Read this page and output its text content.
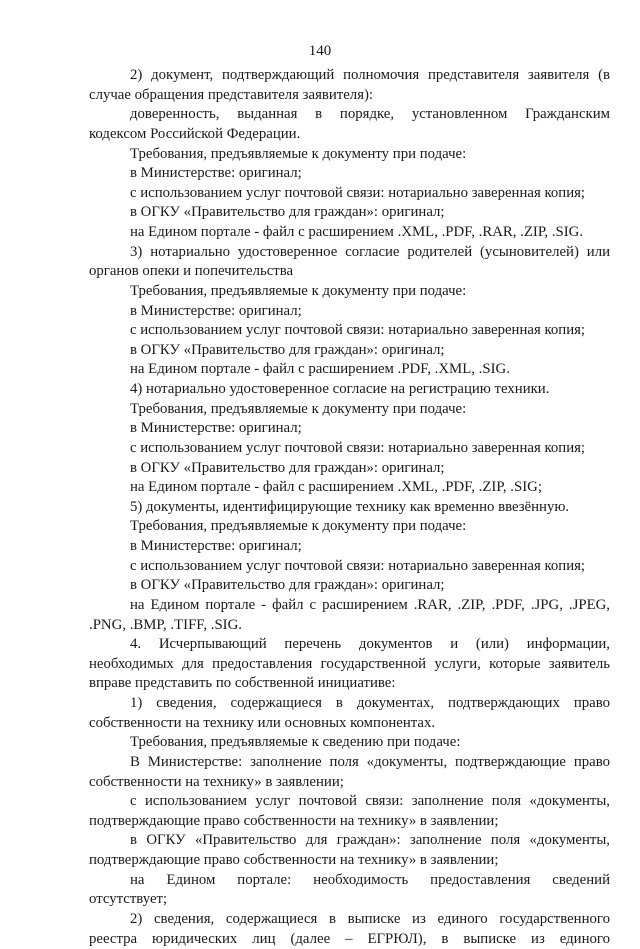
140
2) документ, подтверждающий полномочия представителя заявителя (в
случае обращения представителя заявителя):
доверенность, выданная в порядке, установленном Гражданским
кодексом Российской Федерации.
Требования, предъявляемые к документу при подаче:
в Министерстве: оригинал;
с использованием услуг почтовой связи: нотариально заверенная копия;
в ОГКУ «Правительство для граждан»: оригинал;
на Едином портале - файл с расширением .XML, .PDF, .RAR, .ZIP, .SIG.
3) нотариально удостоверенное согласие родителей (усыновителей) или
органов опеки и попечительства
Требования, предъявляемые к документу при подаче:
в Министерстве: оригинал;
с использованием услуг почтовой связи: нотариально заверенная копия;
в ОГКУ «Правительство для граждан»: оригинал;
на Едином портале - файл с расширением .PDF, .XML, .SIG.
4) нотариально удостоверенное согласие на регистрацию техники.
Требования, предъявляемые к документу при подаче:
в Министерстве: оригинал;
с использованием услуг почтовой связи: нотариально заверенная копия;
в ОГКУ «Правительство для граждан»: оригинал;
на Едином портале - файл с расширением .XML, .PDF, .ZIP, .SIG;
5) документы, идентифицирующие технику как временно ввезённую.
Требования, предъявляемые к документу при подаче:
в Министерстве: оригинал;
с использованием услуг почтовой связи: нотариально заверенная копия;
в ОГКУ «Правительство для граждан»: оригинал;
на Едином портале - файл с расширением .RAR, .ZIP, .PDF, .JPG, .JPEG,
.PNG, .BMP, .TIFF, .SIG.
4. Исчерпывающий перечень документов и (или) информации,
необходимых для предоставления государственной услуги, которые заявитель
вправе представить по собственной инициативе:
1) сведения, содержащиеся в документах, подтверждающих право
собственности на технику или основных компонентах.
Требования, предъявляемые к сведению при подаче:
В Министерстве: заполнение поля «документы, подтверждающие право
собственности на технику» в заявлении;
с использованием услуг почтовой связи: заполнение поля «документы,
подтверждающие право собственности на технику» в заявлении;
в ОГКУ «Правительство для граждан»: заполнение поля «документы,
подтверждающие право собственности на технику» в заявлении;
на Едином портале: необходимость предоставления сведений
отсутствует;
2) сведения, содержащиеся в выписке из единого государственного
реестра юридических лиц (далее – ЕГРЮЛ), в выписке из единого
